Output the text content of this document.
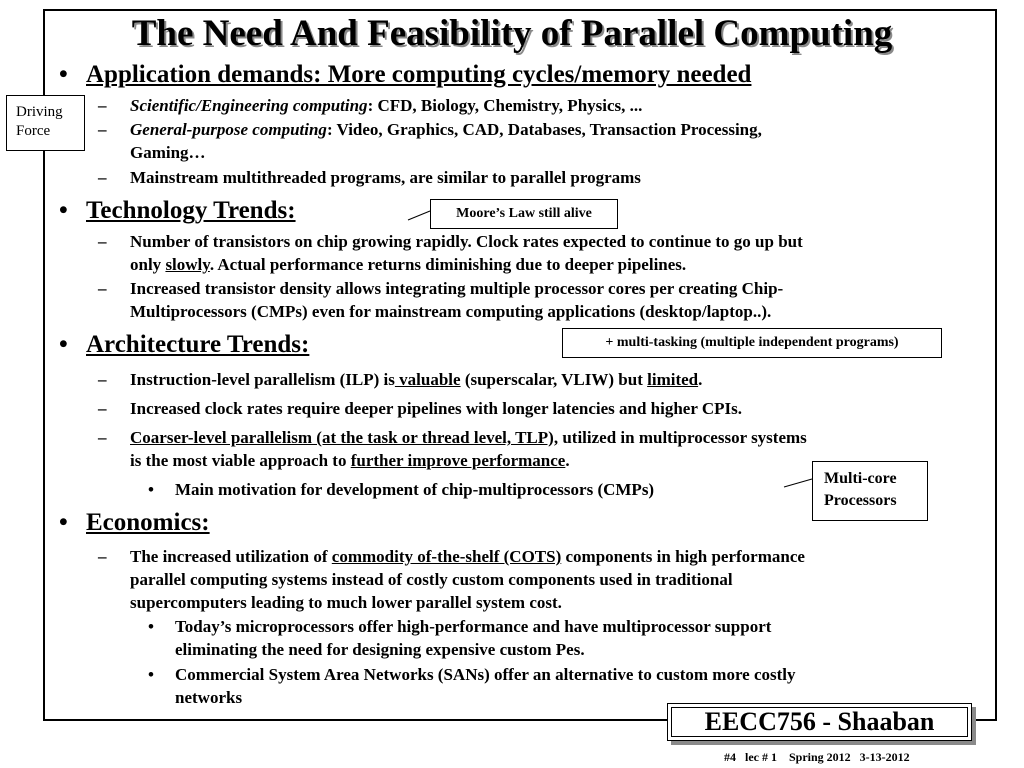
The Need And Feasibility of Parallel Computing
• Application demands: More computing cycles/memory needed
– Scientific/Engineering computing: CFD, Biology, Chemistry, Physics, ...
– General-purpose computing: Video, Graphics, CAD, Databases, Transaction Processing,
Gaming…
– Mainstream multithreaded programs, are similar to parallel programs
• Technology Trends:
– Number of transistors on chip growing rapidly. Clock rates expected to continue to go up but
only slowly. Actual performance returns diminishing due to deeper pipelines.
– Increased transistor density allows integrating multiple processor cores per creating Chip-
Multiprocessors (CMPs) even for mainstream computing applications (desktop/laptop..).
• Architecture Trends:
– Instruction-level parallelism (ILP) is valuable (superscalar, VLIW) but limited.
– Increased clock rates require deeper pipelines with longer latencies and higher CPIs.
– Coarser-level parallelism (at the task or thread level, TLP), utilized in multiprocessor systems
is the most viable approach to further improve performance.
• Main motivation for development of chip-multiprocessors (CMPs)
• Economics:
– The increased utilization of commodity of-the-shelf (COTS) components in high performance
parallel computing systems instead of costly custom components used in traditional
supercomputers leading to much lower parallel system cost.
• Today’s microprocessors offer high-performance and have multiprocessor support
eliminating the need for designing expensive custom Pes.
• Commercial System Area Networks (SANs) offer an alternative to custom more costly
networks
Driving
Force
Moore’s Law still alive
+ multi-tasking (multiple independent programs)
Multi-core
Processors
EECC756 - Shaaban
#4   lec # 1    Spring 2012   3-13-2012
